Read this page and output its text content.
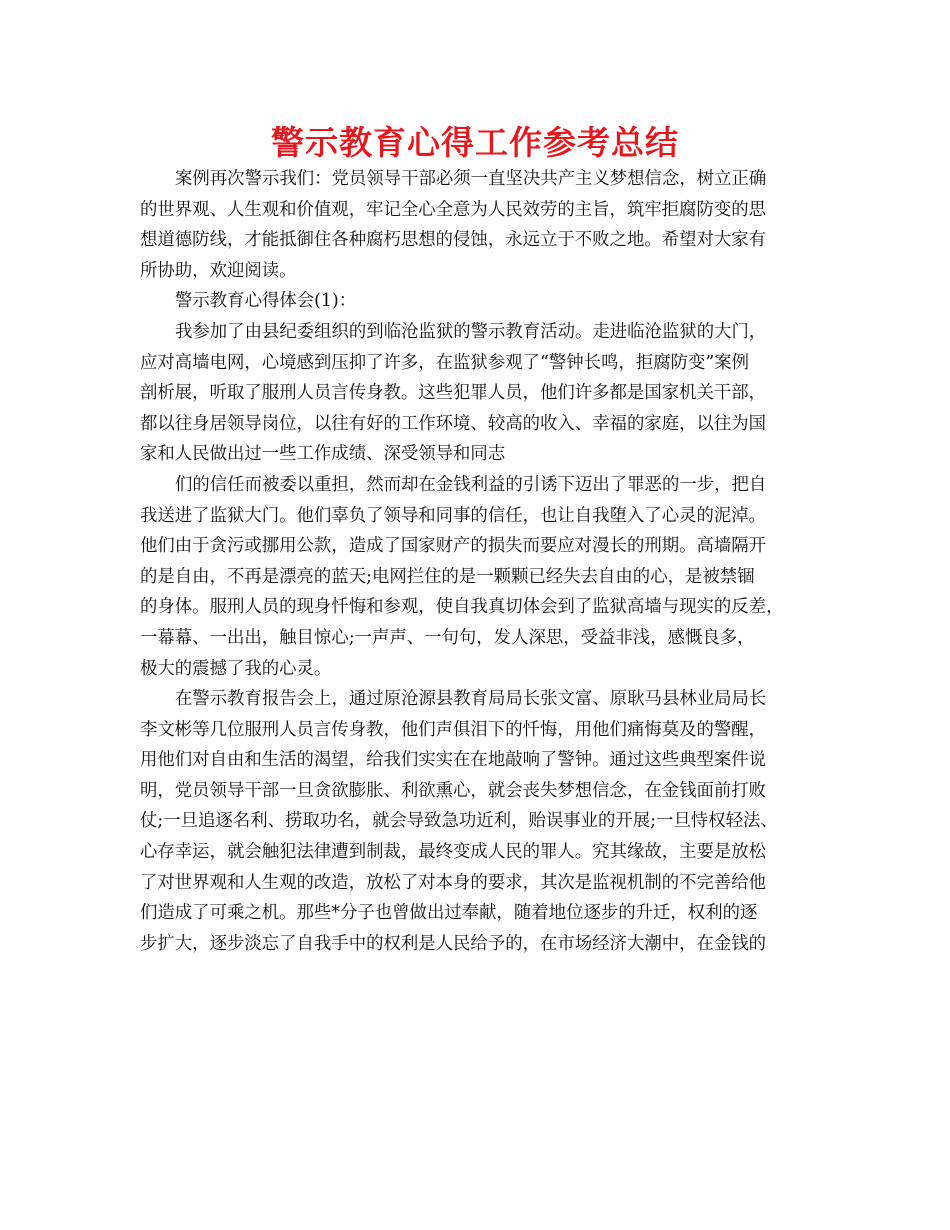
警示教育心得工作参考总结
案例再次警示我们：党员领导干部必须一直坚决共产主义梦想信念，树立正确
的世界观、人生观和价值观，牢记全心全意为人民效劳的主旨，筑牢拒腐防变的思
想道德防线，才能抵御住各种腐朽思想的侵蚀，永远立于不败之地。希望对大家有
所协助，欢迎阅读。
警示教育心得体会(1)：
我参加了由县纪委组织的到临沧监狱的警示教育活动。走进临沧监狱的大门，
应对高墙电网，心境感到压抑了许多，在监狱参观了“警钟长鸣，拒腐防变”案例
剖析展，听取了服刑人员言传身教。这些犯罪人员，他们许多都是国家机关干部，
都以往身居领导岗位，以往有好的工作环境、较高的收入、幸福的家庭，以往为国
家和人民做出过一些工作成绩、深受领导和同志
们的信任而被委以重担，然而却在金钱利益的引诱下迈出了罪恶的一步，把自
我送进了监狱大门。他们辜负了领导和同事的信任，也让自我堕入了心灵的泥淖。
他们由于贪污或挪用公款，造成了国家财产的损失而要应对漫长的刑期。高墙隔开
的是自由，不再是漂亮的蓝天;电网拦住的是一颗颗已经失去自由的心，是被禁锢
的身体。服刑人员的现身忏悔和参观，使自我真切体会到了监狱高墙与现实的反差，
一幕幕、一出出，触目惊心;一声声、一句句，发人深思，受益非浅，感慨良多，
极大的震撼了我的心灵。
在警示教育报告会上，通过原沧源县教育局局长张文富、原耿马县林业局局长
李文彬等几位服刑人员言传身教，他们声俱泪下的忏悔，用他们痛悔莫及的警醒，
用他们对自由和生活的渴望，给我们实实在在地敲响了警钟。通过这些典型案件说
明，党员领导干部一旦贪欲膨胀、利欲熏心，就会丧失梦想信念，在金钱面前打败
仗;一旦追逐名利、捞取功名，就会导致急功近利，贻误事业的开展;一旦恃权轻法、
心存幸运，就会触犯法律遭到制裁，最终变成人民的罪人。究其缘故，主要是放松
了对世界观和人生观的改造，放松了对本身的要求，其次是监视机制的不完善给他
们造成了可乘之机。那些*分子也曾做出过奉献，随着地位逐步的升迁，权利的逐
步扩大，逐步淡忘了自我手中的权利是人民给予的，在市场经济大潮中，在金钱的
